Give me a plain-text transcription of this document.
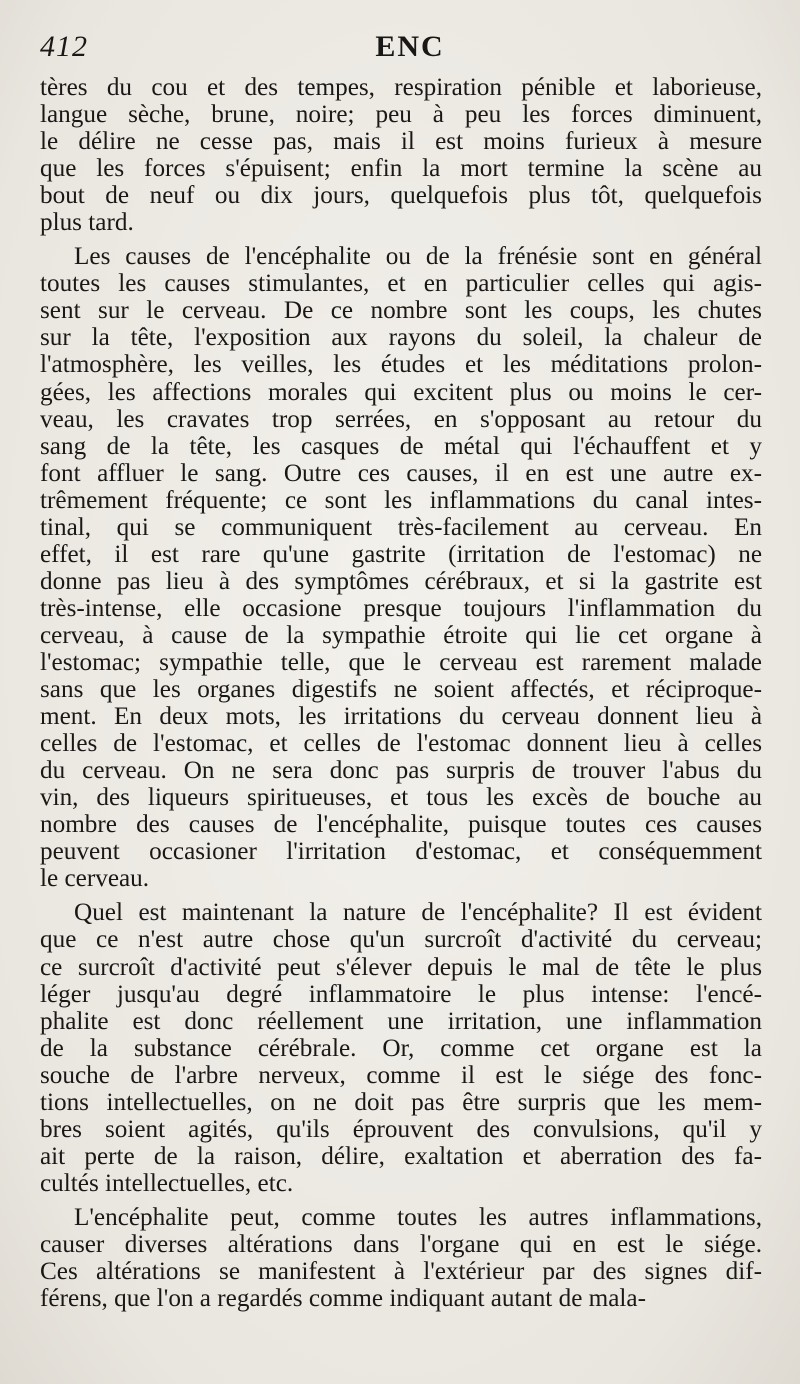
412	ENC
tères du cou et des tempes, respiration pénible et laborieuse,
langue sèche, brune, noire; peu à peu les forces diminuent,
le délire ne cesse pas, mais il est moins furieux à mesure
que les forces s'épuisent; enfin la mort termine la scène au
bout de neuf ou dix jours, quelquefois plus tôt, quelquefois
plus tard.
Les causes de l'encéphalite ou de la frénésie sont en général
toutes les causes stimulantes, et en particulier celles qui agis-
sent sur le cerveau. De ce nombre sont les coups, les chutes
sur la tête, l'exposition aux rayons du soleil, la chaleur de
l'atmosphère, les veilles, les études et les méditations prolon-
gées, les affections morales qui excitent plus ou moins le cer-
veau, les cravates trop serrées, en s'opposant au retour du
sang de la tête, les casques de métal qui l'échauffent et y
font affluer le sang. Outre ces causes, il en est une autre ex-
trêmement fréquente; ce sont les inflammations du canal intes-
tinal, qui se communiquent très-facilement au cerveau. En
effet, il est rare qu'une gastrite (irritation de l'estomac) ne
donne pas lieu à des symptômes cérébraux, et si la gastrite est
très-intense, elle occasione presque toujours l'inflammation du
cerveau, à cause de la sympathie étroite qui lie cet organe à
l'estomac; sympathie telle, que le cerveau est rarement malade
sans que les organes digestifs ne soient affectés, et réciproque-
ment. En deux mots, les irritations du cerveau donnent lieu à
celles de l'estomac, et celles de l'estomac donnent lieu à celles
du cerveau. On ne sera donc pas surpris de trouver l'abus du
vin, des liqueurs spiritueuses, et tous les excès de bouche au
nombre des causes de l'encéphalite, puisque toutes ces causes
peuvent occasioner l'irritation d'estomac, et conséquemment
le cerveau.
Quel est maintenant la nature de l'encéphalite? Il est évident
que ce n'est autre chose qu'un surcroît d'activité du cerveau;
ce surcroît d'activité peut s'élever depuis le mal de tête le plus
léger jusqu'au degré inflammatoire le plus intense: l'encé-
phalite est donc réellement une irritation, une inflammation
de la substance cérébrale. Or, comme cet organe est la
souche de l'arbre nerveux, comme il est le siége des fonc-
tions intellectuelles, on ne doit pas être surpris que les mem-
bres soient agités, qu'ils éprouvent des convulsions, qu'il y
ait perte de la raison, délire, exaltation et aberration des fa-
cultés intellectuelles, etc.
L'encéphalite peut, comme toutes les autres inflammations,
causer diverses altérations dans l'organe qui en est le siége.
Ces altérations se manifestent à l'extérieur par des signes dif-
férens, que l'on a regardés comme indiquant autant de mala-
